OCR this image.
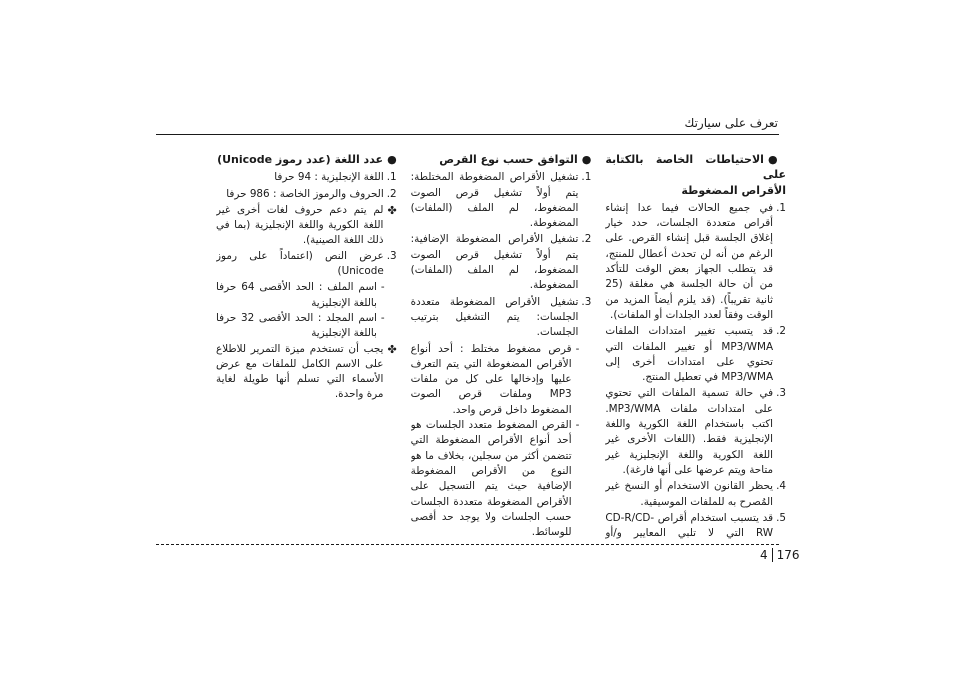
تعرف على سيارتك
●عدد اللغة (عدد رموز Unicode)
1.
اللغة الإنجليزية : 94 حرفا
2.
الحروف والرموز الخاصة : 986 حرفا
✤
لم يتم دعم حروف لغات أخرى غير اللغة الكورية واللغة الإنجليزية (بما في ذلك اللغة الصينية).
3.
عرض النص (اعتماداً على رموز Unicode)
-
اسم الملف : الحد الأقصى 64 حرفا باللغة الإنجليزية
-
اسم المجلد : الحد الأقصى 32 حرفا باللغة الإنجليزية
✤
يجب أن تستخدم ميزة التمرير للاطلاع على الاسم الكامل للملفات مع عرض الأسماء التي تسلم أنها طويلة لغاية مرة واحدة.
●التوافق حسب نوع القرص
1.
تشغيل الأقراص المضغوطة المختلطة: يتم أولاً تشغيل قرص الصوت المضغوط، لم الملف (الملفات) المضغوطة.
2.
تشغيل الأقراص المضغوطة الإضافية: يتم أولاً تشغيل قرص الصوت المضغوط، لم الملف (الملفات) المضغوطة.
3.
تشغيل الأقراص المضغوطة متعددة الجلسات: يتم التشغيل بترتيب الجلسات.
-
قرص مضغوط مختلط : أحد أنواع الأقراص المضغوطة التي يتم التعرف عليها وإدخالها على كل من ملفات MP3 وملفات قرص الصوت المضغوط داخل قرص واحد.
-
القرص المضغوط متعدد الجلسات هو أحد أنواع الأقراص المضغوطة التي تتضمن أكثر من سجلين، بخلاف ما هو النوع من الأقراص المضغوطة الإضافية حيث يتم التسجيل على الأقراص المضغوطة متعددة الجلسات حسب الجلسات ولا يوجد حد أقصى للوسائط.
●الاحتياطات الخاصة بالكتابة على
الأقراص المضغوطة
1.
في جميع الحالات فيما عدا إنشاء أقراص متعددة الجلسات، حدد خيار إغلاق الجلسة قبل إنشاء القرص. على الرغم من أنه لن تحدث أعطال للمنتج، قد يتطلب الجهاز بعض الوقت للتأكد من أن حالة الجلسة هي مغلقة (25 ثانية تقريباً). (قد يلزم أيضاً المزيد من الوقت وفقاً لعدد الجلدات أو الملفات).
2.
قد يتسبب تغيير امتدادات الملفات MP3/WMA أو تغيير الملفات التي تحتوي على امتدادات أخرى إلى MP3/WMA في تعطيل المنتج.
3.
في حالة تسمية الملفات التي تحتوي على امتدادات ملفات MP3/WMA. اكتب باستخدام اللغة الكورية واللغة الإنجليزية فقط. (اللغات الأخرى غير اللغة الكورية واللغة الإنجليزية غير متاحة ويتم عرضها على أنها فارغة).
4.
يحظر القانون الاستخدام أو النسخ غير المُصرح به للملفات الموسيقية.
5.
قد يتسبب استخدام أقراص CD-R/CD-RW التي لا تلبي المعايير و/أو
4 176
